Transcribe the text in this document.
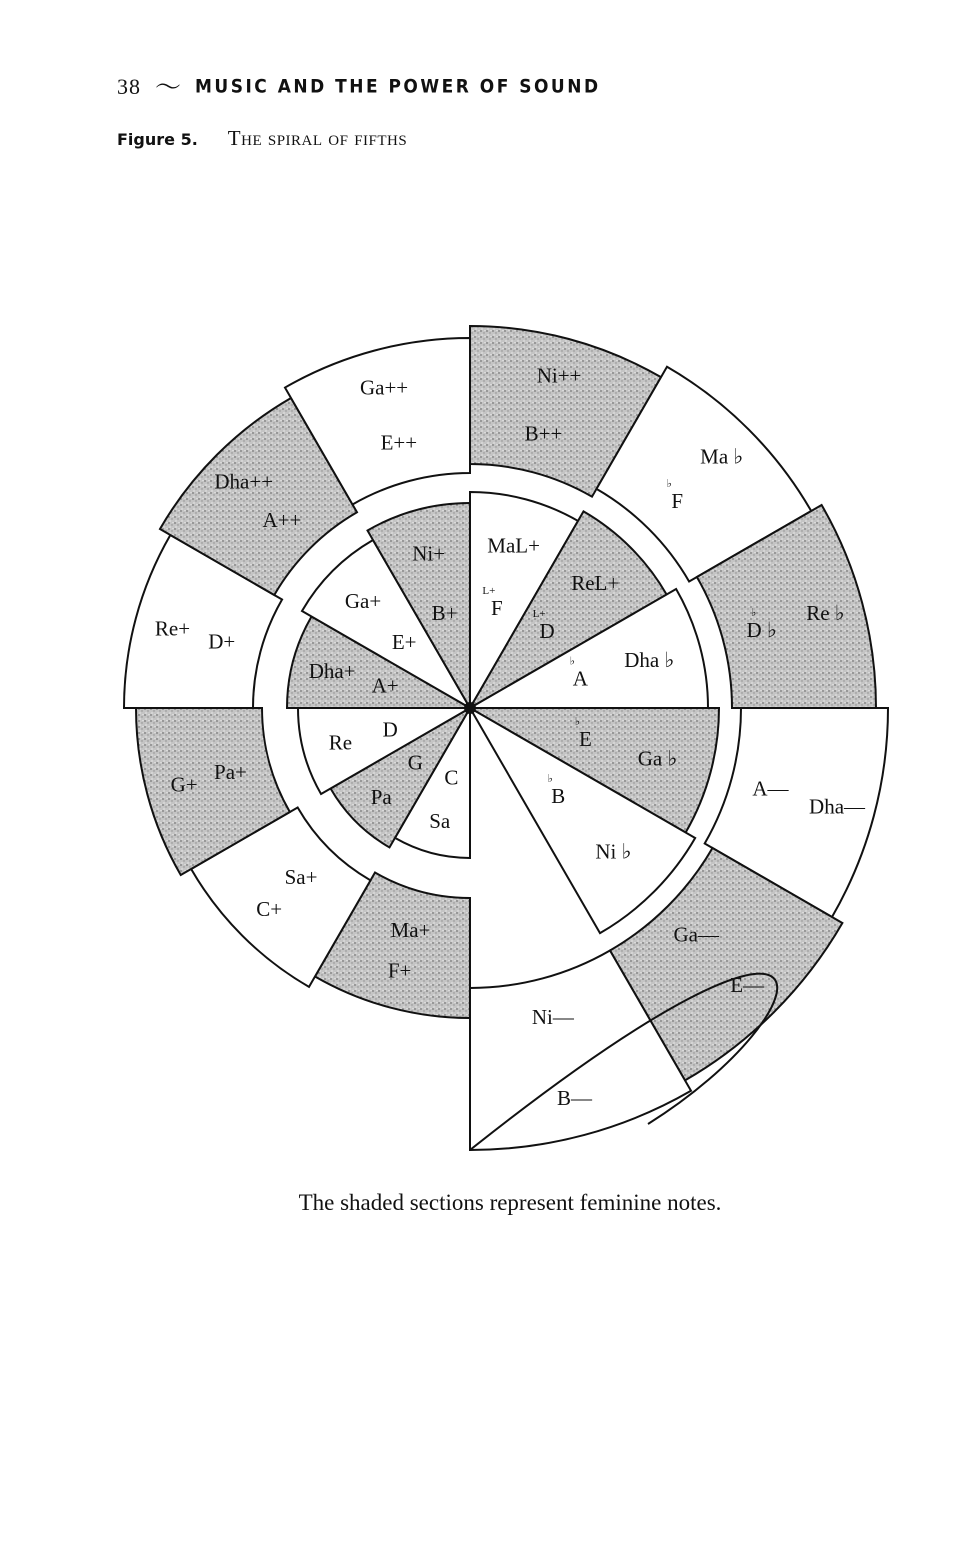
38 〜 MUSIC AND THE POWER OF SOUND
Figure 5. The spiral of fifths
C
Sa
G
Pa
D
Re
A+
Dha+
E+
Ga+ B+
Ni+
F
MaL+
L+
D
ReL+
L+
A
Dha ♭
♭
E
Ga ♭
♭
B
Ni ♭
♭
F+
Ma+
C+
Sa+
G+
Pa+
Re+
D+
Dha++
A++
Ga++
E++
Ni++
B++
Ma ♭
F
♭
Re ♭
D ♭
♭
Dha—
A—
E—
Ga—
B—
Ni—
The shaded sections represent feminine notes.
